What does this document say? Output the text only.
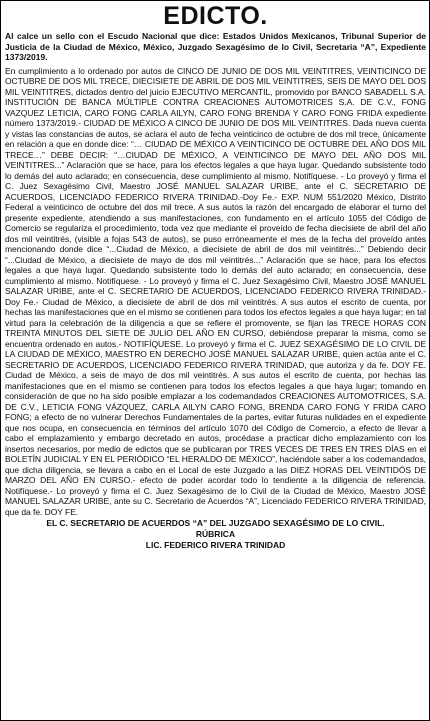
EDICTO.

Al calce un sello con el Escudo Nacional que dice: Estados Unidos Mexicanos, Tribunal Superior de Justicia de la Ciudad de México, México, Juzgado Sexagésimo de lo Civil, Secretaria “A”, Expediente 1373/2019.

En cumplimiento a lo ordenado por autos de CINCO DE JUNIO DE DOS MIL VEINTITRES, VEINTICINCO DE OCTUBRE DE DOS MIL TRECE, DIECISIETE DE ABRIL DE DOS MIL VEINTITRES, SEIS DE MAYO DEL DOS MIL VEINTITRES, dictados dentro del juicio EJECUTIVO MERCANTIL, promovido por BANCO SABADELL S.A. INSTITUCIÓN DE BANCA MÚLTIPLE CONTRA CREACIONES AUTOMOTRICES S.A. DE C.V., FONG VAZQUEZ LETICIA, CARO FONG CARLA AILYN, CARO FONG BRENDA Y CARO FONG FRIDA expediente número 1373/2019.- CIUDAD DE MÉXICO A CINCO DE JUNIO DE DOS MIL VEINTITRES. Dada nueva cuenta y vistas las constancias de autos, se aclara el auto de fecha veinticinco de octubre de dos mil trece, únicamente en relación a que en donde dice: “… CIUDAD DE MÉXICO A VEINTICINCO DE OCTUBRE DEL AÑO DOS MIL TRECE…” DEBE DECIR: “…CIUDAD DE MÉXICO, A VEINTICINCO DE MAYO DEL AÑO DOS MIL VEINTITRES...” Aclaración que se hace, para los efectos legales a que haya lugar. Quedando subsistente todo lo demás del auto aclarado; en consecuencia, dese cumplimiento al mismo. Notifíquese. - Lo proveyó y firma el C. Juez Sexagésimo Civil, Maestro JOSÉ MANUEL SALAZAR URIBE, ante el C. SECRETARIO DE ACUERDOS, LICENCIADO FEDERICO RIVERA TRINIDAD.-Doy Fe.- EXP. NUM 551/2020 México, Distrito Federal a veinticinco de octubre del dos mil trece. A sus autos la razón del encargado de elaborar el turno del presente expediente, atendiendo a sus manifestaciones, con fundamento en el artículo 1055 del Código de Comercio se regulariza el procedimiento, toda vez que mediante el proveído de fecha diecisiete de abril del año dos mil veintitrés, (visible a fojas 543 de autos), se puso erróneamente el mes de la fecha del proveído antes mencionando donde dice “...Ciudad de México, a diecisiete de abril de dos mil veintitrés...” Debiendo decir “...Ciudad de México, a diecisiete de mayo de dos mil veintitrés...” Aclaración que se hace, para los efectos legales a que haya lugar. Quedando subsistente todo lo demás del auto aclarado; en consecuencia, dese cumplimiento al mismo. Notifíquese. - Lo proveyó y firma el C. Juez Sexagésimo Civil, Maestro JOSÉ MANUEL SALAZAR URIBE, ante el C. SECRETARIO DE ACUERDOS, LICENCIADO FEDERICO RIVERA TRINIDAD.- Doy Fe.- Ciudad de México, a diecisiete de abril de dos mil veintitrés. A sus autos el escrito de cuenta, por hechas las manifestaciones que en el mismo se contienen para todos los efectos legales a que haya lugar; en tal virtud para la celebración de la diligencia a que se refiere el promovente, se fijan las TRECE HORAS CON TREINTA MINUTOS DEL SIETE DE JULIO DEL AÑO EN CURSO, debiéndose preparar la misma, como se encuentra ordenado en autos.- NOTIFÍQUESE. Lo proveyó y firma el C. JUEZ SEXAGÉSIMO DE LO CIVIL DE LA CIUDAD DE MÉXICO, MAESTRO EN DERECHO JOSÉ MANUEL SALAZAR URIBE, quien actúa ante el C. SECRETARIO DE ACUERDOS, LICENCIADO FEDERICO RIVERA TRINIDAD, que autoriza y da fe. DOY FE. Ciudad de México, a seis de mayo de dos mil veintitrés. A sus autos el escrito de cuenta, por hechas las manifestaciones que en el mismo se contienen para todos los efectos legales a que haya lugar; tomando en consideración de que no ha sido posible emplazar a los codemandados CREACIONES AUTOMOTRICES, S.A. DE C.V., LETICIA FONG VÁZQUEZ, CARLA AILYN CARO FONG, BRENDA CARO FONG Y FRIDA CARO FONG; a efecto de no vulnerar Derechos Fundamentales de la partes, evitar futuras nulidades en el expediente que nos ocupa, en consecuencia en términos del artículo 1070 del Código de Comercio, a efecto de llevar a cabo el emplazamiento y embargo decretado en autos, procédase a practicar dicho emplazamiento con los insertos necesarios, por medio de edictos que se publicaran por TRES VECES DE TRES EN TRES DÍAS en el BOLETÍN JUDICIAL Y EN EL PERIÓDICO “EL HERALDO DE MÉXICO”, haciéndole saber a los codemandados, que dicha diligencia, se llevara a cabo en el Local de este Juzgado a las DIEZ HORAS DEL VEINTIDÓS DE MARZO DEL AÑO EN CURSO.- efecto de poder acordar todo lo tendiente a la diligencia de referencia. Notifíquese.- Lo proveyó y firma el C. Juez Sexagésimo de lo Civil de la Ciudad de México, Maestro JOSÉ MANUEL SALAZAR URIBE, ante su C. Secretario de Acuerdos “A”, Licenciado FEDERICO RIVERA TRINIDAD, que da fe. DOY FE.

EL C. SECRETARIO DE ACUERDOS “A” DEL JUZGADO SEXAGÉSIMO DE LO CIVIL.
RÚBRICA
LIC. FEDERICO RIVERA TRINIDAD
